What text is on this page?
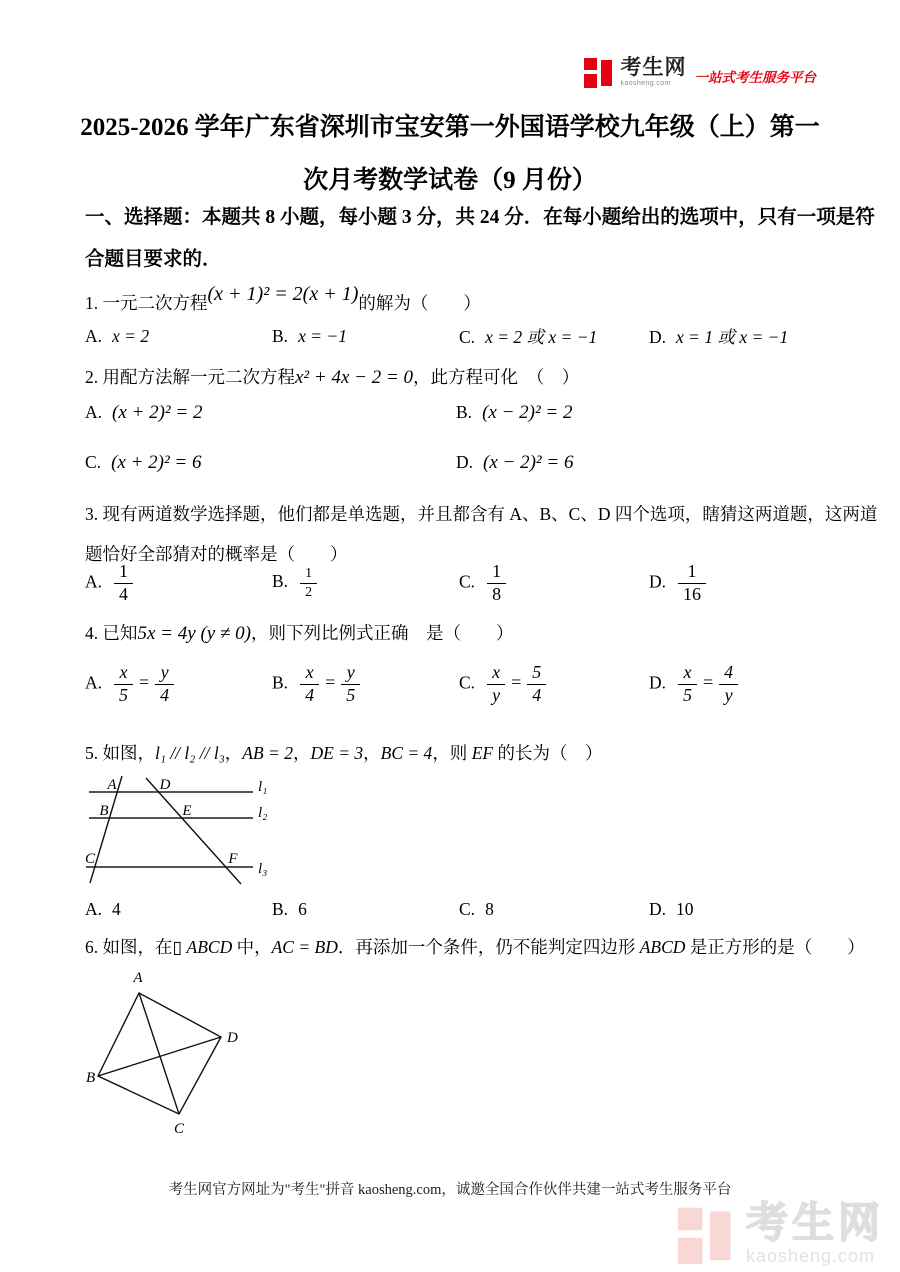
考生网
kaosheng.com	一站式考生服务平台
2025-2026 学年广东省深圳市宝安第一外国语学校九年级（上）第一
次月考数学试卷（9 月份）
一、选择题：本题共 8 小题，每小题 3 分，共 24 分．在每小题给出的选项中，只有一项是符
合题目要求的．
1. 一元二次方程(x + 1)² = 2(x + 1)的解为（　　）
A. x = 2	B. x = −1	C. x = 2 或 x = −1	D. x = 1 或 x = −1
2. 用配方法解一元二次方程x² + 4x − 2 = 0，此方程可化　（　）
A. (x + 2)² = 2	B. (x − 2)² = 2
C. (x + 2)² = 6	D. (x − 2)² = 6
3. 现有两道数学选择题，他们都是单选题，并且都含有 A、B、C、D 四个选项，瞎猜这两道题，这两道
题恰好全部猜对的概率是（　　）
A. $\frac{1}{4}$	B. $\frac{1}{2}$	C. $\frac{1}{8}$	D. $\frac{1}{16}$
4. 已知5x = 4y (y ≠ 0)，则下列比例式正确　是（　　）
A. $\frac{x}{5} = \frac{y}{4}$	B. $\frac{x}{4} = \frac{y}{5}$	C. $\frac{x}{y} = \frac{5}{4}$	D. $\frac{x}{5} = \frac{4}{y}$
5. 如图，l₁ // l₂ // l₃，AB = 2，DE = 3，BC = 4，则 EF 的长为（　）
A	D
B	E
C	F
l₁
l₂
l₃
A. 4	B. 6	C. 8	D. 10
6. 如图，在▯ ABCD 中，AC = BD．再添加一个条件，仍不能判定四边形 ABCD 是正方形的是（　　）
A
B
C
D
考生网官方网址为"考生"拼音 kaosheng.com，诚邀全国合作伙伴共建一站式考生服务平台
考生网
kaosheng.com
